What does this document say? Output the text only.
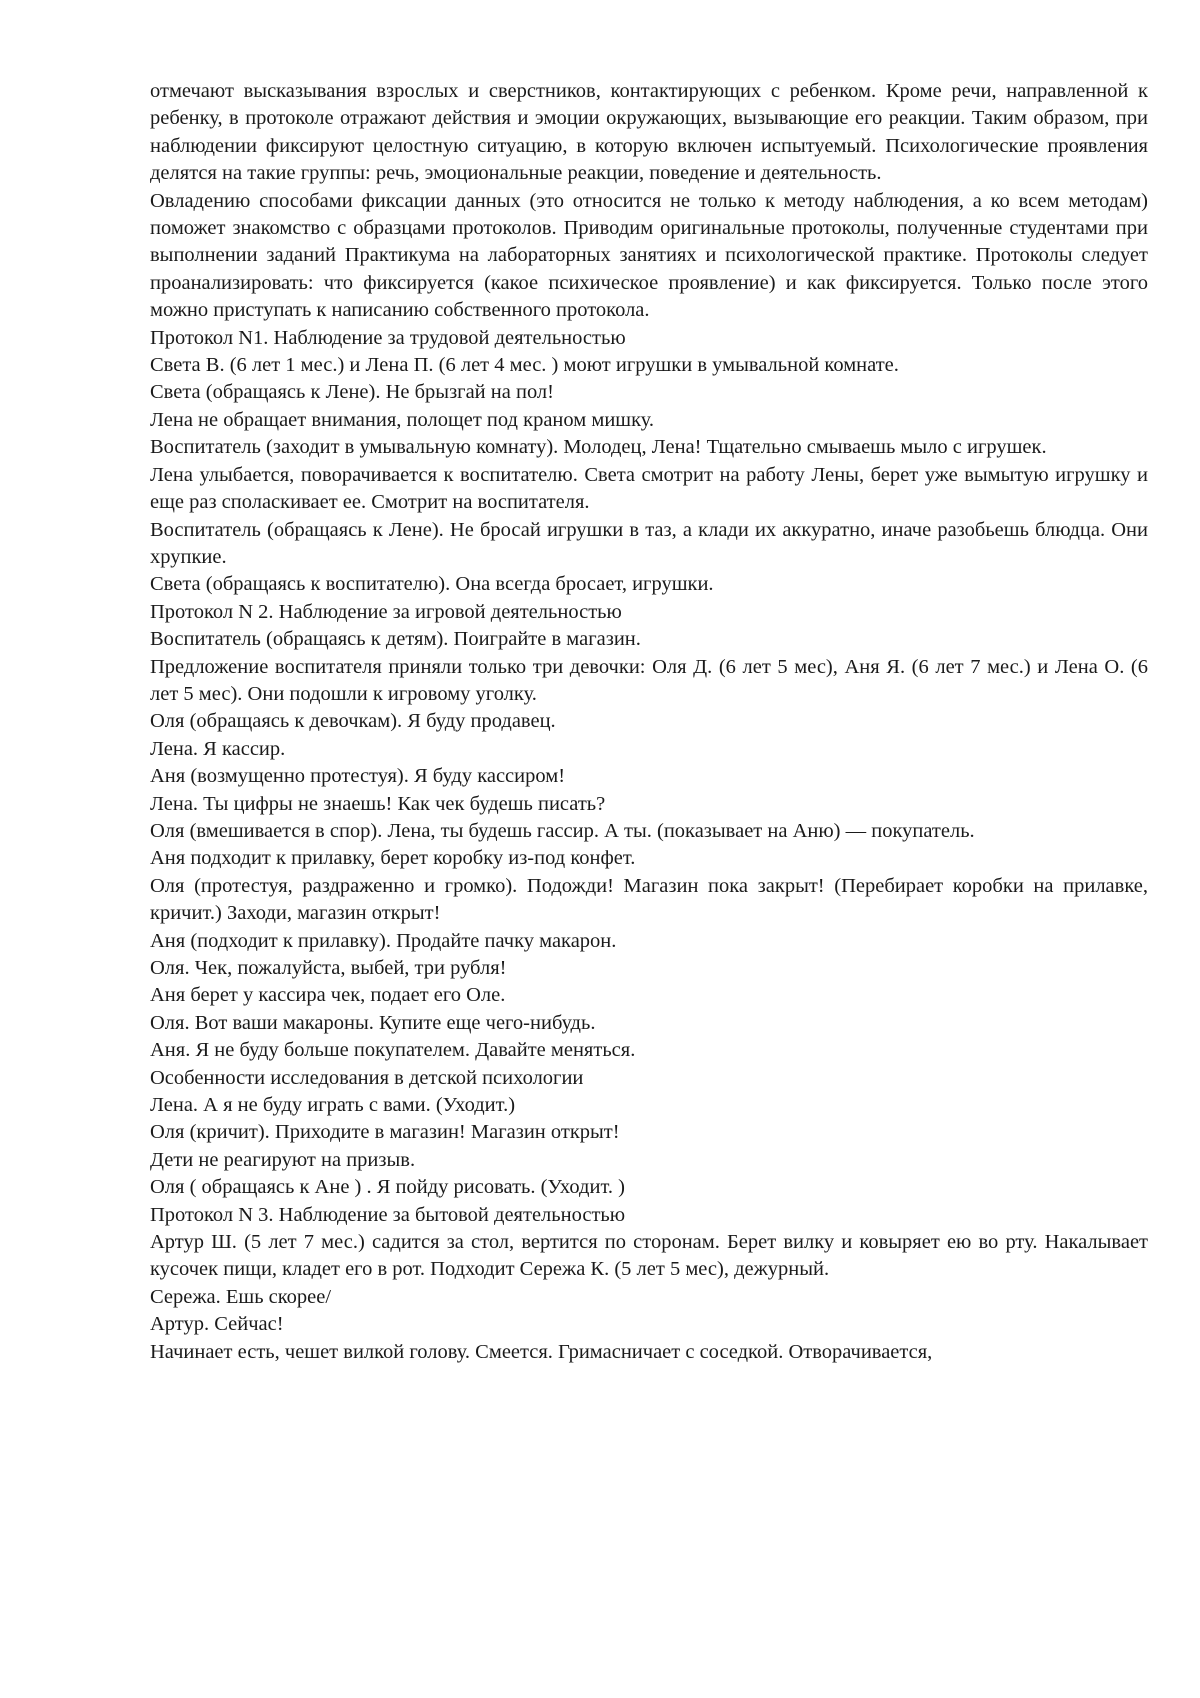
отмечают высказывания взрослых и сверстников, контактирующих с ребенком. Кроме речи, направленной к ребенку, в протоколе отражают действия и эмоции окружающих, вызывающие его реакции. Таким образом, при наблюдении фиксируют целостную ситуацию, в которую включен испытуемый. Психологические проявления делятся на такие группы: речь, эмоциональные реакции, поведение и деятельность.

Овладению способами фиксации данных (это относится не только к методу наблюдения, а ко всем методам) поможет знакомство с образцами протоколов. Приводим оригинальные протоколы, полученные студентами при выполнении заданий Практикума на лабораторных занятиях и психологической практике. Протоколы следует проанализировать: что фиксируется (какое психическое проявление) и как фиксируется. Только после этого можно приступать к написанию собственного протокола.

Протокол N1. Наблюдение за трудовой деятельностью

Света В. (6 лет 1 мес.) и Лена П. (6 лет 4 мес. ) моют игрушки в умывальной комнате.

Света (обращаясь к Лене). Не брызгай на пол!

Лена не обращает внимания, полощет под краном мишку.

Воспитатель (заходит в умывальную комнату). Молодец, Лена! Тщательно смываешь мыло с игрушек.

Лена улыбается, поворачивается к воспитателю. Света смотрит на работу Лены, берет уже вымытую игрушку и еще раз споласкивает ее. Смотрит на воспитателя.

Воспитатель (обращаясь к Лене). Не бросай игрушки в таз, а клади их аккуратно, иначе разобьешь блюдца. Они хрупкие.

Света (обращаясь к воспитателю). Она всегда бросает, игрушки.

Протокол N 2. Наблюдение за игровой деятельностью

Воспитатель (обращаясь к детям). Поиграйте в магазин.

Предложение воспитателя приняли только три девочки: Оля Д. (6 лет 5 мес), Аня Я. (6 лет 7 мес.) и Лена О. (6 лет 5 мес). Они подошли к игровому уголку.

Оля (обращаясь к девочкам). Я буду продавец.

Лена. Я кассир.

Аня (возмущенно протестуя). Я буду кассиром!

Лена. Ты цифры не знаешь! Как чек будешь писать?

Оля (вмешивается в спор). Лена, ты будешь гассир. А ты. (показывает на Аню) — покупатель.

Аня подходит к прилавку, берет коробку из-под конфет.

Оля (протестуя, раздраженно и громко). Подожди! Магазин пока закрыт! (Перебирает коробки на прилавке, кричит.) Заходи, магазин открыт!

Аня (подходит к прилавку). Продайте пачку макарон.

Оля. Чек, пожалуйста, выбей, три рубля!

Аня берет у кассира чек, подает его Оле.

Оля. Вот ваши макароны. Купите еще чего-нибудь.

Аня. Я не буду больше покупателем. Давайте меняться.

Особенности исследования в детской психологии

Лена. А я не буду играть с вами. (Уходит.)

Оля (кричит). Приходите в магазин! Магазин открыт!

Дети не реагируют на призыв.

Оля ( обращаясь к Ане ) . Я пойду рисовать. (Уходит. )

Протокол N 3. Наблюдение за бытовой деятельностью

Артур Ш. (5 лет 7 мес.) садится за стол, вертится по сторонам. Берет вилку и ковыряет ею во рту. Накалывает кусочек пищи, кладет его в рот. Подходит Сережа К. (5 лет 5 мес), дежурный.

Сережа. Ешь скорее/

Артур. Сейчас!

Начинает есть, чешет вилкой голову. Смеется. Гримасничает с соседкой. Отворачивается,
